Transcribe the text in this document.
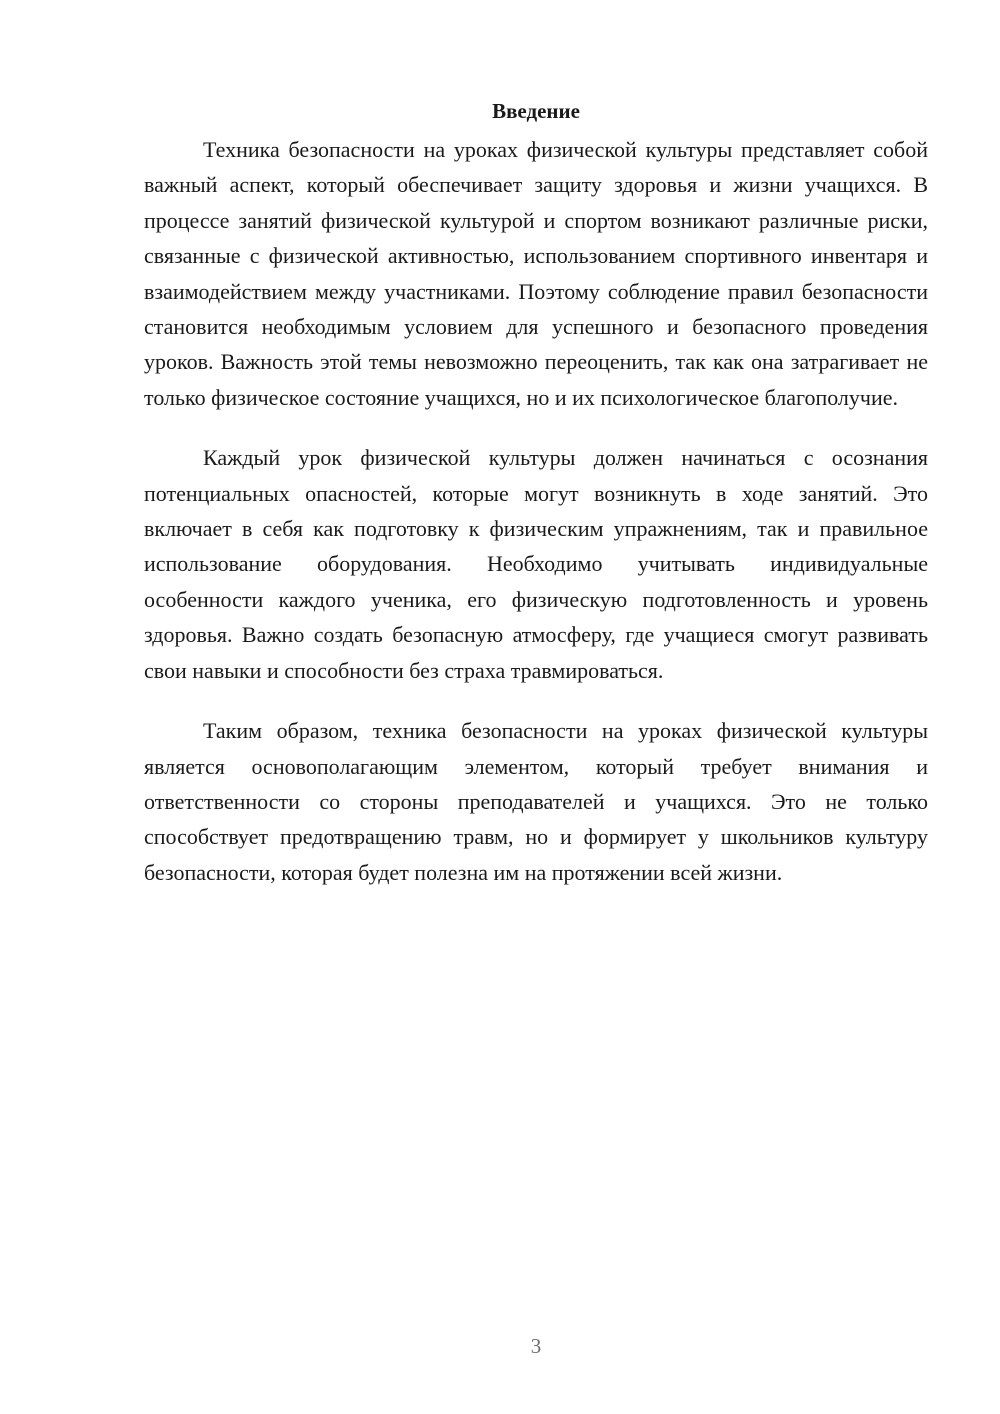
Введение

Техника безопасности на уроках физической культуры представляет собой важный аспект, который обеспечивает защиту здоровья и жизни учащихся. В процессе занятий физической культурой и спортом возникают различные риски, связанные с физической активностью, использованием спортивного инвентаря и взаимодействием между участниками. Поэтому соблюдение правил безопасности становится необходимым условием для успешного и безопасного проведения уроков. Важность этой темы невозможно переоценить, так как она затрагивает не только физическое состояние учащихся, но и их психологическое благополучие.

Каждый урок физической культуры должен начинаться с осознания потенциальных опасностей, которые могут возникнуть в ходе занятий. Это включает в себя как подготовку к физическим упражнениям, так и правильное использование оборудования. Необходимо учитывать индивидуальные особенности каждого ученика, его физическую подготовленность и уровень здоровья. Важно создать безопасную атмосферу, где учащиеся смогут развивать свои навыки и способности без страха травмироваться.

Таким образом, техника безопасности на уроках физической культуры является основополагающим элементом, который требует внимания и ответственности со стороны преподавателей и учащихся. Это не только способствует предотвращению травм, но и формирует у школьников культуру безопасности, которая будет полезна им на протяжении всей жизни.

3
